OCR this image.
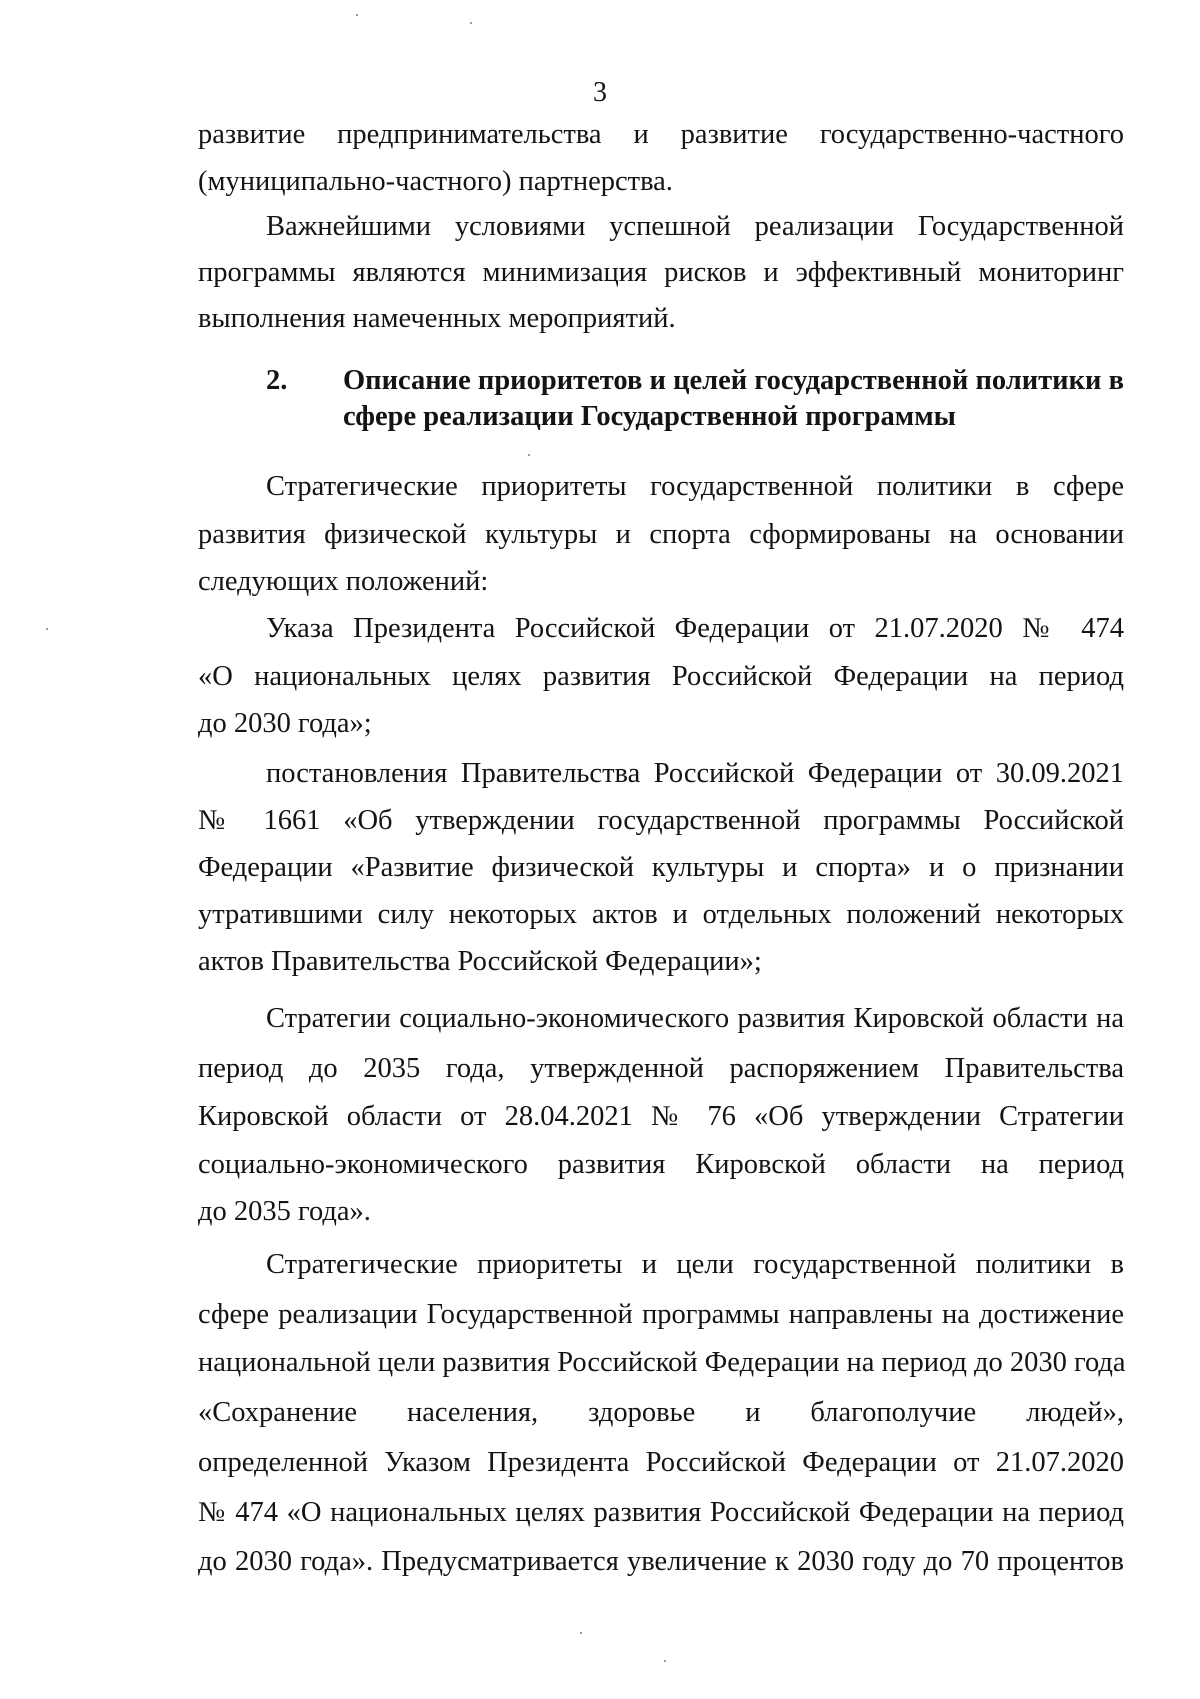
3
развитие предпринимательства и развитие государственно-частного
(муниципально-частного) партнерства.
Важнейшими условиями успешной реализации Государственной
программы являются минимизация рисков и эффективный мониторинг
выполнения намеченных мероприятий.
2. Описание приоритетов и целей государственной политики в
сфере реализации Государственной программы
Стратегические приоритеты государственной политики в сфере
развития физической культуры и спорта сформированы на основании
следующих положений:
Указа Президента Российской Федерации от 21.07.2020 № 474
«О национальных целях развития Российской Федерации на период
до 2030 года»;
постановления Правительства Российской Федерации от 30.09.2021
№ 1661 «Об утверждении государственной программы Российской
Федерации «Развитие физической культуры и спорта» и о признании
утратившими силу некоторых актов и отдельных положений некоторых
актов Правительства Российской Федерации»;
Стратегии социально-экономического развития Кировской области на
период до 2035 года, утвержденной распоряжением Правительства
Кировской области от 28.04.2021 № 76 «Об утверждении Стратегии
социально-экономического развития Кировской области на период
до 2035 года».
Стратегические приоритеты и цели государственной политики в
сфере реализации Государственной программы направлены на достижение
национальной цели развития Российской Федерации на период до 2030 года
«Сохранение населения, здоровье и благополучие людей»,
определенной Указом Президента Российской Федерации от 21.07.2020
№ 474 «О национальных целях развития Российской Федерации на период
до 2030 года». Предусматривается увеличение к 2030 году до 70 процентов
